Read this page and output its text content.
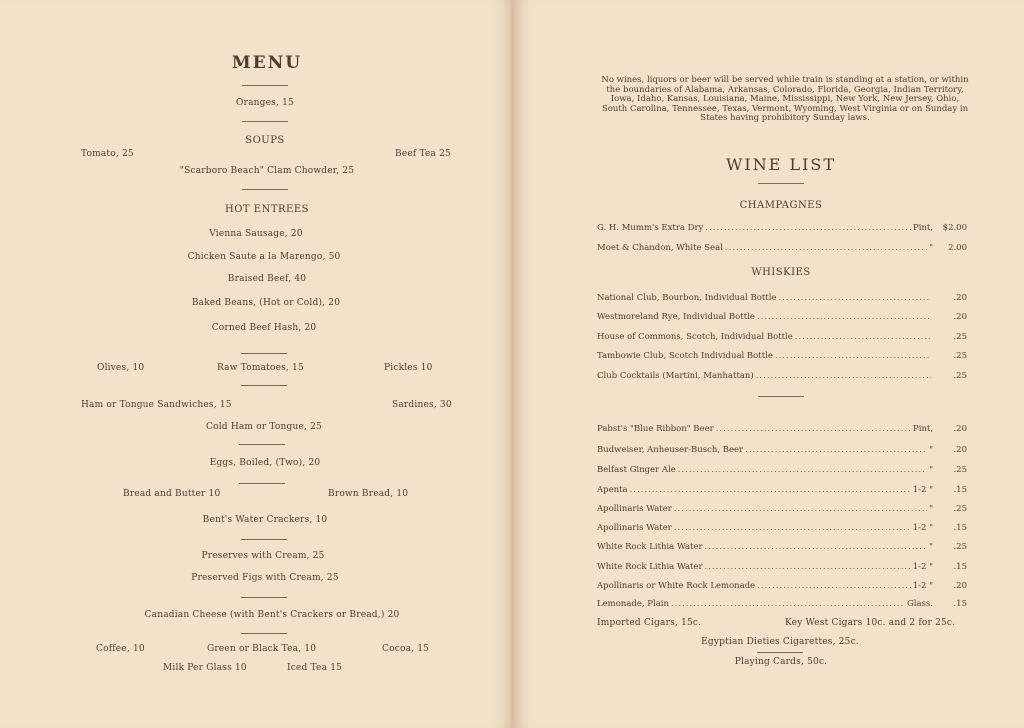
MENU
Oranges, 15
SOUPS
Tomato, 25	Beef Tea 25
"Scarboro Beach" Clam Chowder, 25
HOT ENTREES
Vienna Sausage, 20
Chicken Saute a la Marengo, 50
Braised Beef, 40
Baked Beans, (Hot or Cold), 20
Corned Beef Hash, 20
Olives, 10	Raw Tomatoes, 15	Pickles 10
Ham or Tongue Sandwiches, 15	Sardines, 30
Cold Ham or Tongue, 25
Eggs, Boiled, (Two), 20
Bread and Butter 10	Brown Bread, 10
Bent's Water Crackers, 10
Preserves with Cream, 25
Preserved Figs with Cream, 25
Canadian Cheese (with Bent's Crackers or Bread,) 20
Coffee, 10	Green or Black Tea, 10	Cocoa, 15
Milk Per Glass 10	Iced Tea 15
No wines, liquors or beer will be served while train is standing at a station, or within the boundaries of Alabama, Arkansas, Colorado, Florida, Georgia, Indian Territory, Iowa, Idaho, Kansas, Louisiana, Maine, Mississippi, New York, New Jersey, Ohio, South Carolina, Tennessee, Texas, Vermont, Wyoming, West Virginia or on Sunday in States having prohibitory Sunday laws.
WINE LIST
CHAMPAGNES
G. H. Mumm's Extra Dry .....	Pint,	$2.00
Moet & Chandon, White Seal .....	"	2.00
WHISKIES
National Club, Bourbon, Individual Bottle .....	.20
Westmoreland Rye, Individual Bottle .....	.20
House of Commons, Scotch, Individual Bottle .....	.25
Tambowie Club, Scotch Individual Bottle .....	.25
Club Cocktails (Martini, Manhattan) .....	.25
Pabst's "Blue Ribbon" Beer .....	Pint,	.20
Budweiser, Anheuser-Busch, Beer .....	"	.20
Belfast Ginger Ale .....	"	.25
Apenta .....	1-2 "	.15
Apollinaris Water .....	"	.25
Apollinaris Water .....	1-2 "	.15
White Rock Lithia Water .....	"	.25
White Rock Lithia Water .....	1-2 "	.15
Apollinaris or White Rock Lemonade .....	1-2 "	.20
Lemonade, Plain .....	Glass.	.15
Imported Cigars, 15c.	Key West Cigars 10c. and 2 for 25c.
Egyptian Dieties Cigarettes, 25c.
Playing Cards, 50c.
